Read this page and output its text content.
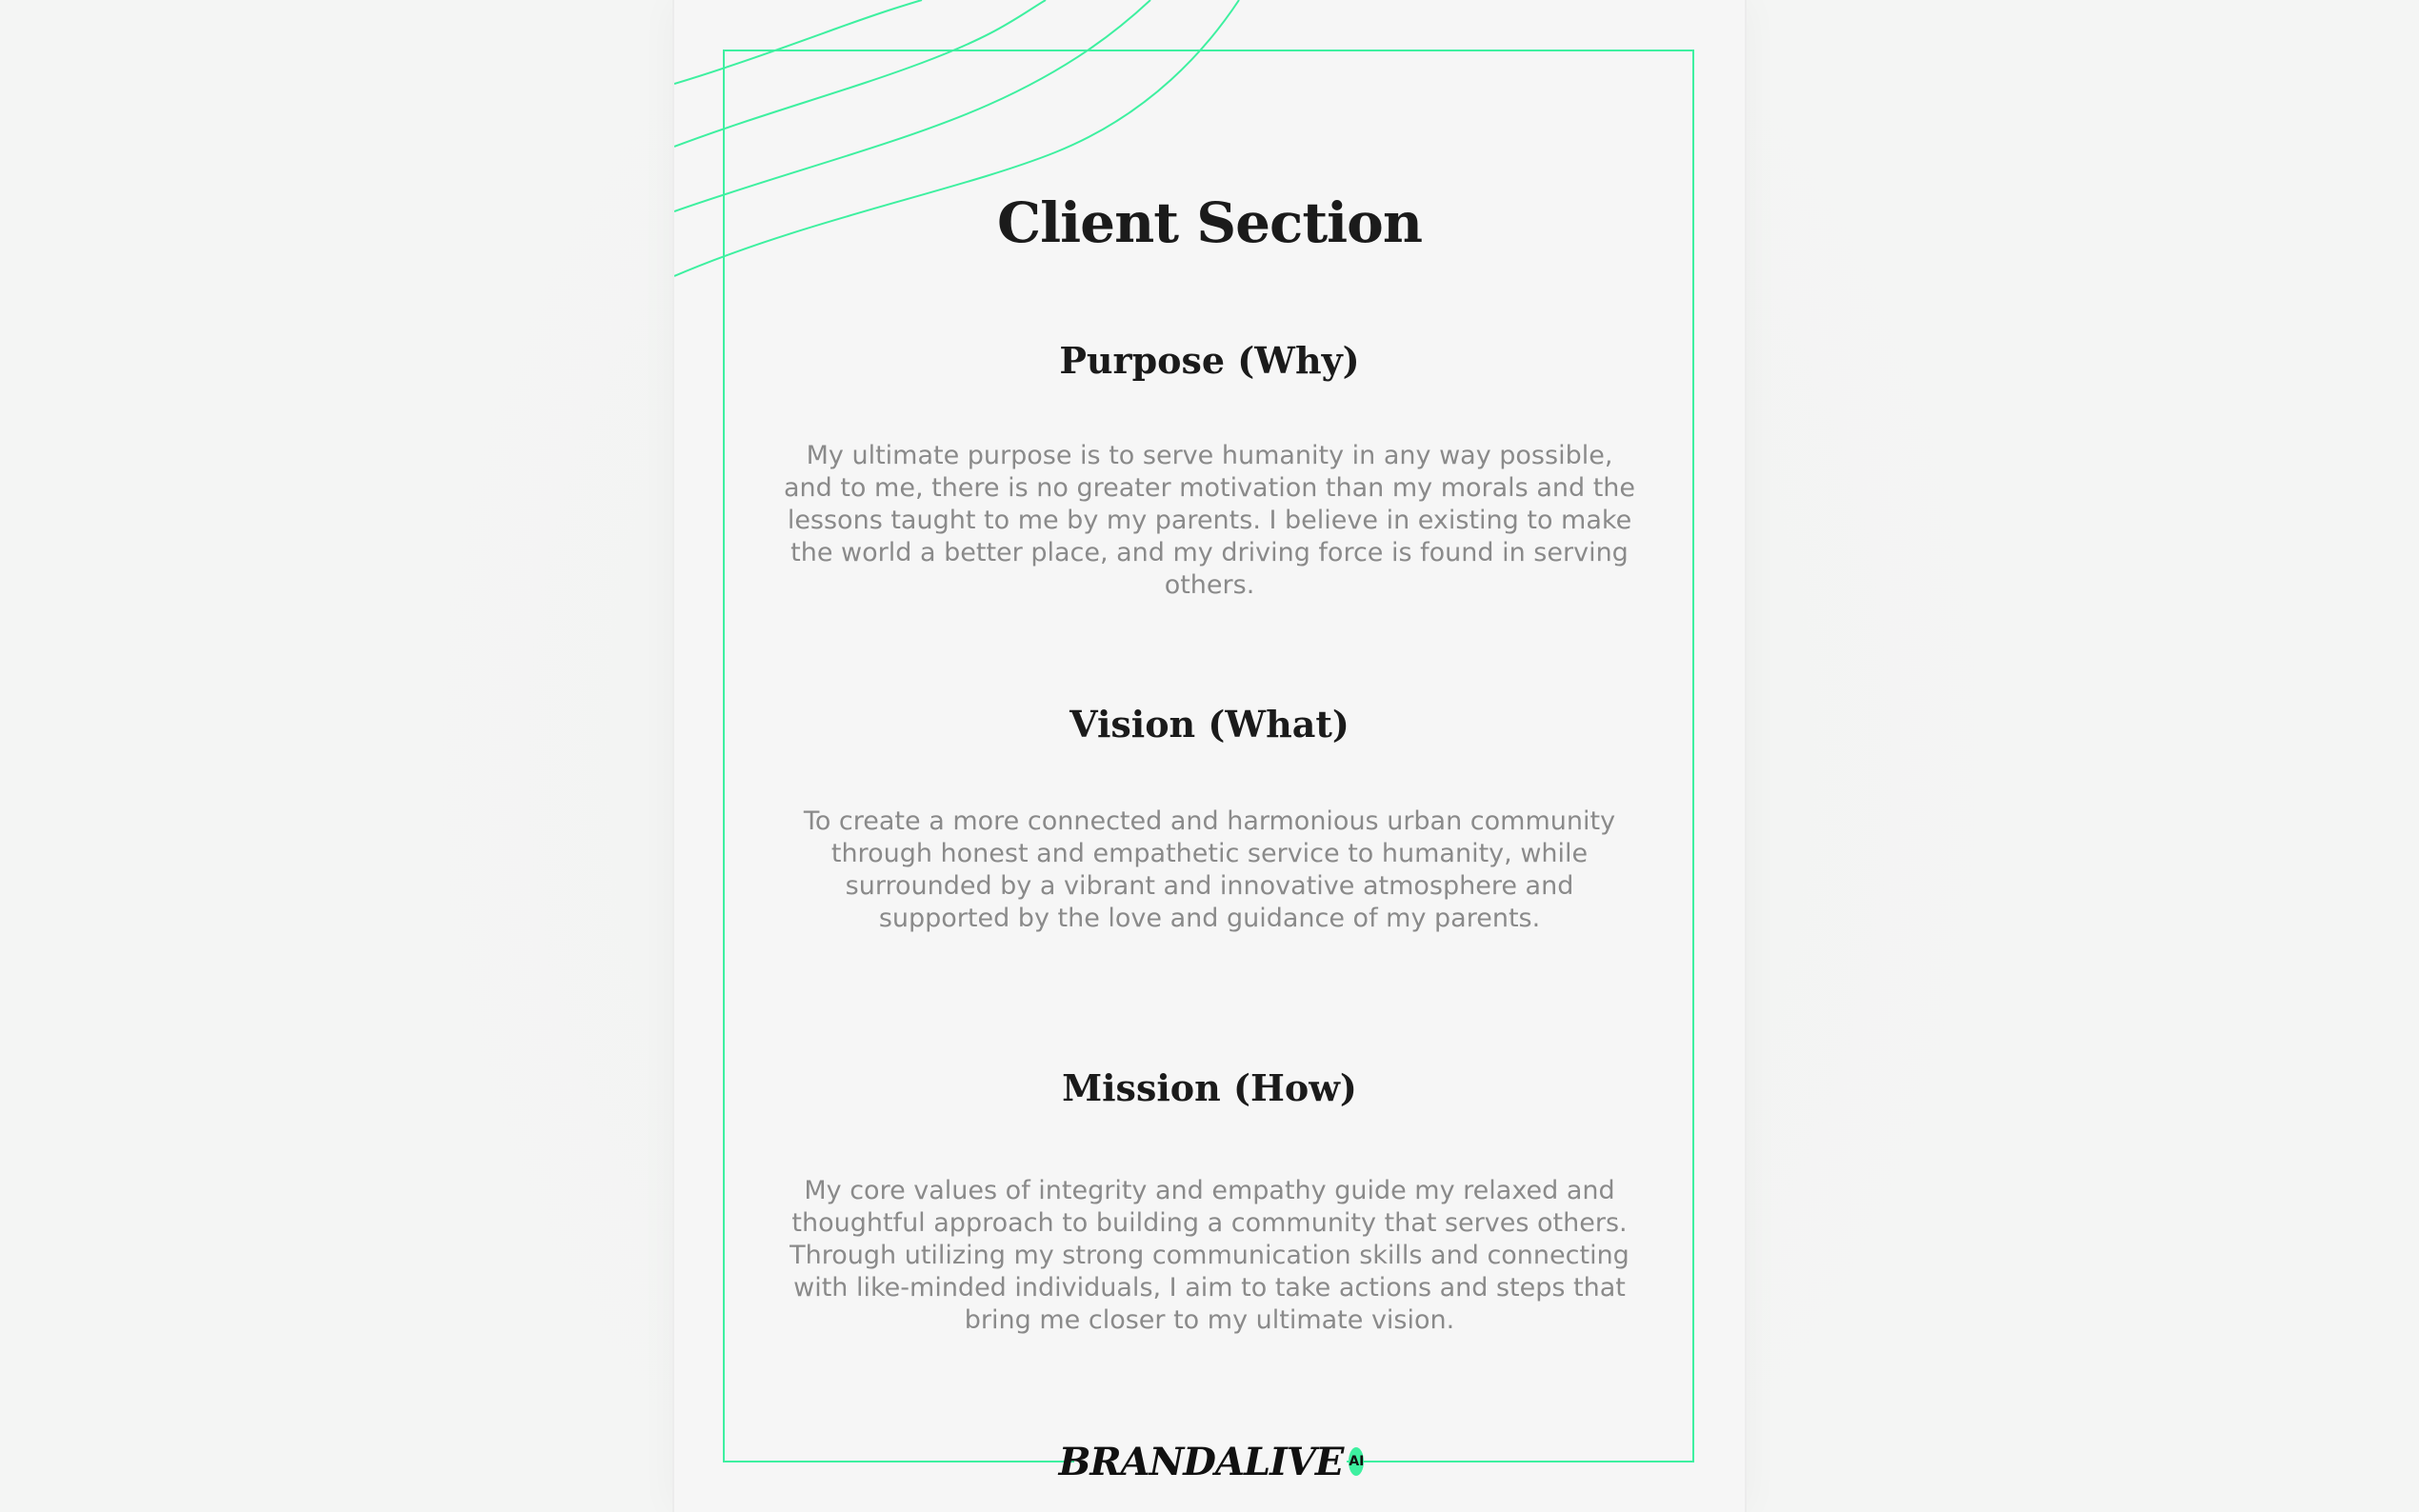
Client Section
Purpose (Why)

My ultimate purpose is to serve humanity in any way possible, and to me, there is no greater motivation than my morals and the lessons taught to me by my parents. I believe in existing to make the world a better place, and my driving force is found in serving others.

Vision (What)

To create a more connected and harmonious urban community through honest and empathetic service to humanity, while surrounded by a vibrant and innovative atmosphere and supported by the love and guidance of my parents.

Mission (How)

My core values of integrity and empathy guide my relaxed and thoughtful approach to building a community that serves others. Through utilizing my strong communication skills and connecting with like-minded individuals, I aim to take actions and steps that bring me closer to my ultimate vision.

BRANDALIVE AI
